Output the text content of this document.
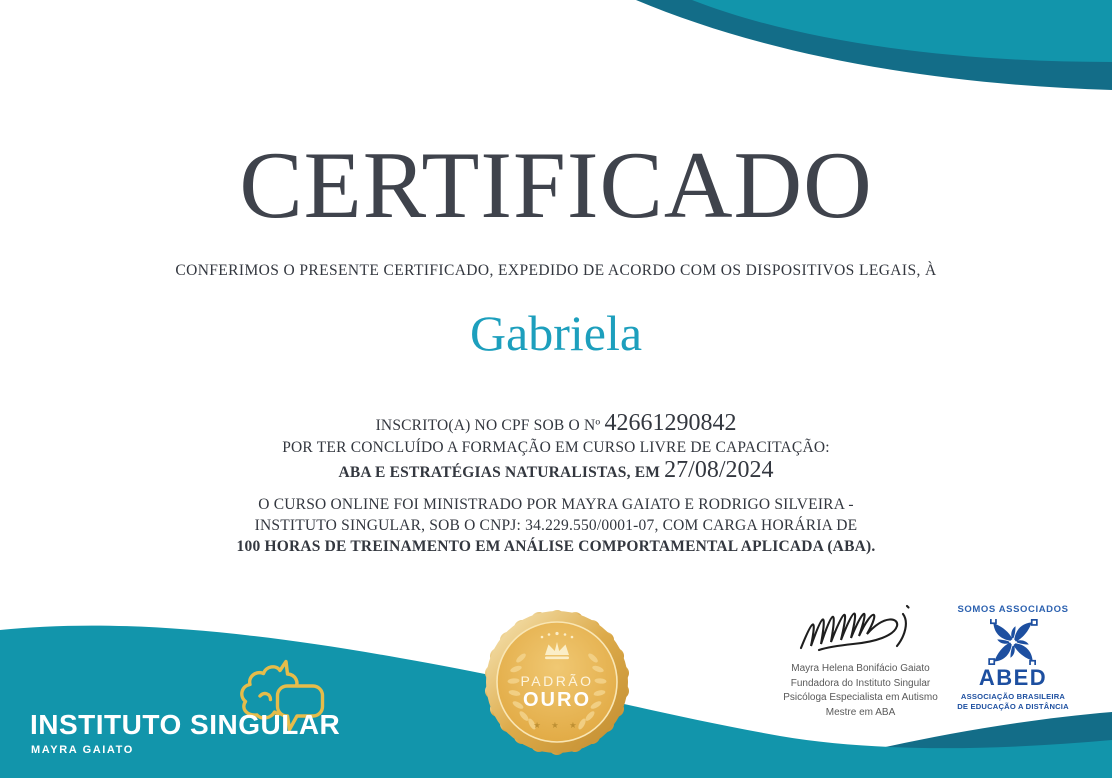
CERTIFICADO
CONFERIMOS O PRESENTE CERTIFICADO, EXPEDIDO DE ACORDO COM OS DISPOSITIVOS LEGAIS, À
Gabriela
INSCRITO(A) NO CPF SOB O Nº 42661290842
POR TER CONCLUÍDO A FORMAÇÃO EM CURSO LIVRE DE CAPACITAÇÃO:
ABA E ESTRATÉGIAS NATURALISTAS, EM 27/08/2024
O CURSO ONLINE FOI MINISTRADO POR MAYRA GAIATO E RODRIGO SILVEIRA -
INSTITUTO SINGULAR, SOB O CNPJ: 34.229.550/0001-07, COM CARGA HORÁRIA DE
100 HORAS DE TREINAMENTO EM ANÁLISE COMPORTAMENTAL APLICADA (ABA).
PADRÃO
OURO
★ ★ ★
INSTITUTO SINGULAR
MAYRA GAIATO
Mayra Helena Bonifácio Gaiato
Fundadora do Instituto Singular
Psicóloga Especialista em Autismo
Mestre em ABA
SOMOS ASSOCIADOS
ABED
ASSOCIAÇÃO BRASILEIRA
DE EDUCAÇÃO A DISTÂNCIA
